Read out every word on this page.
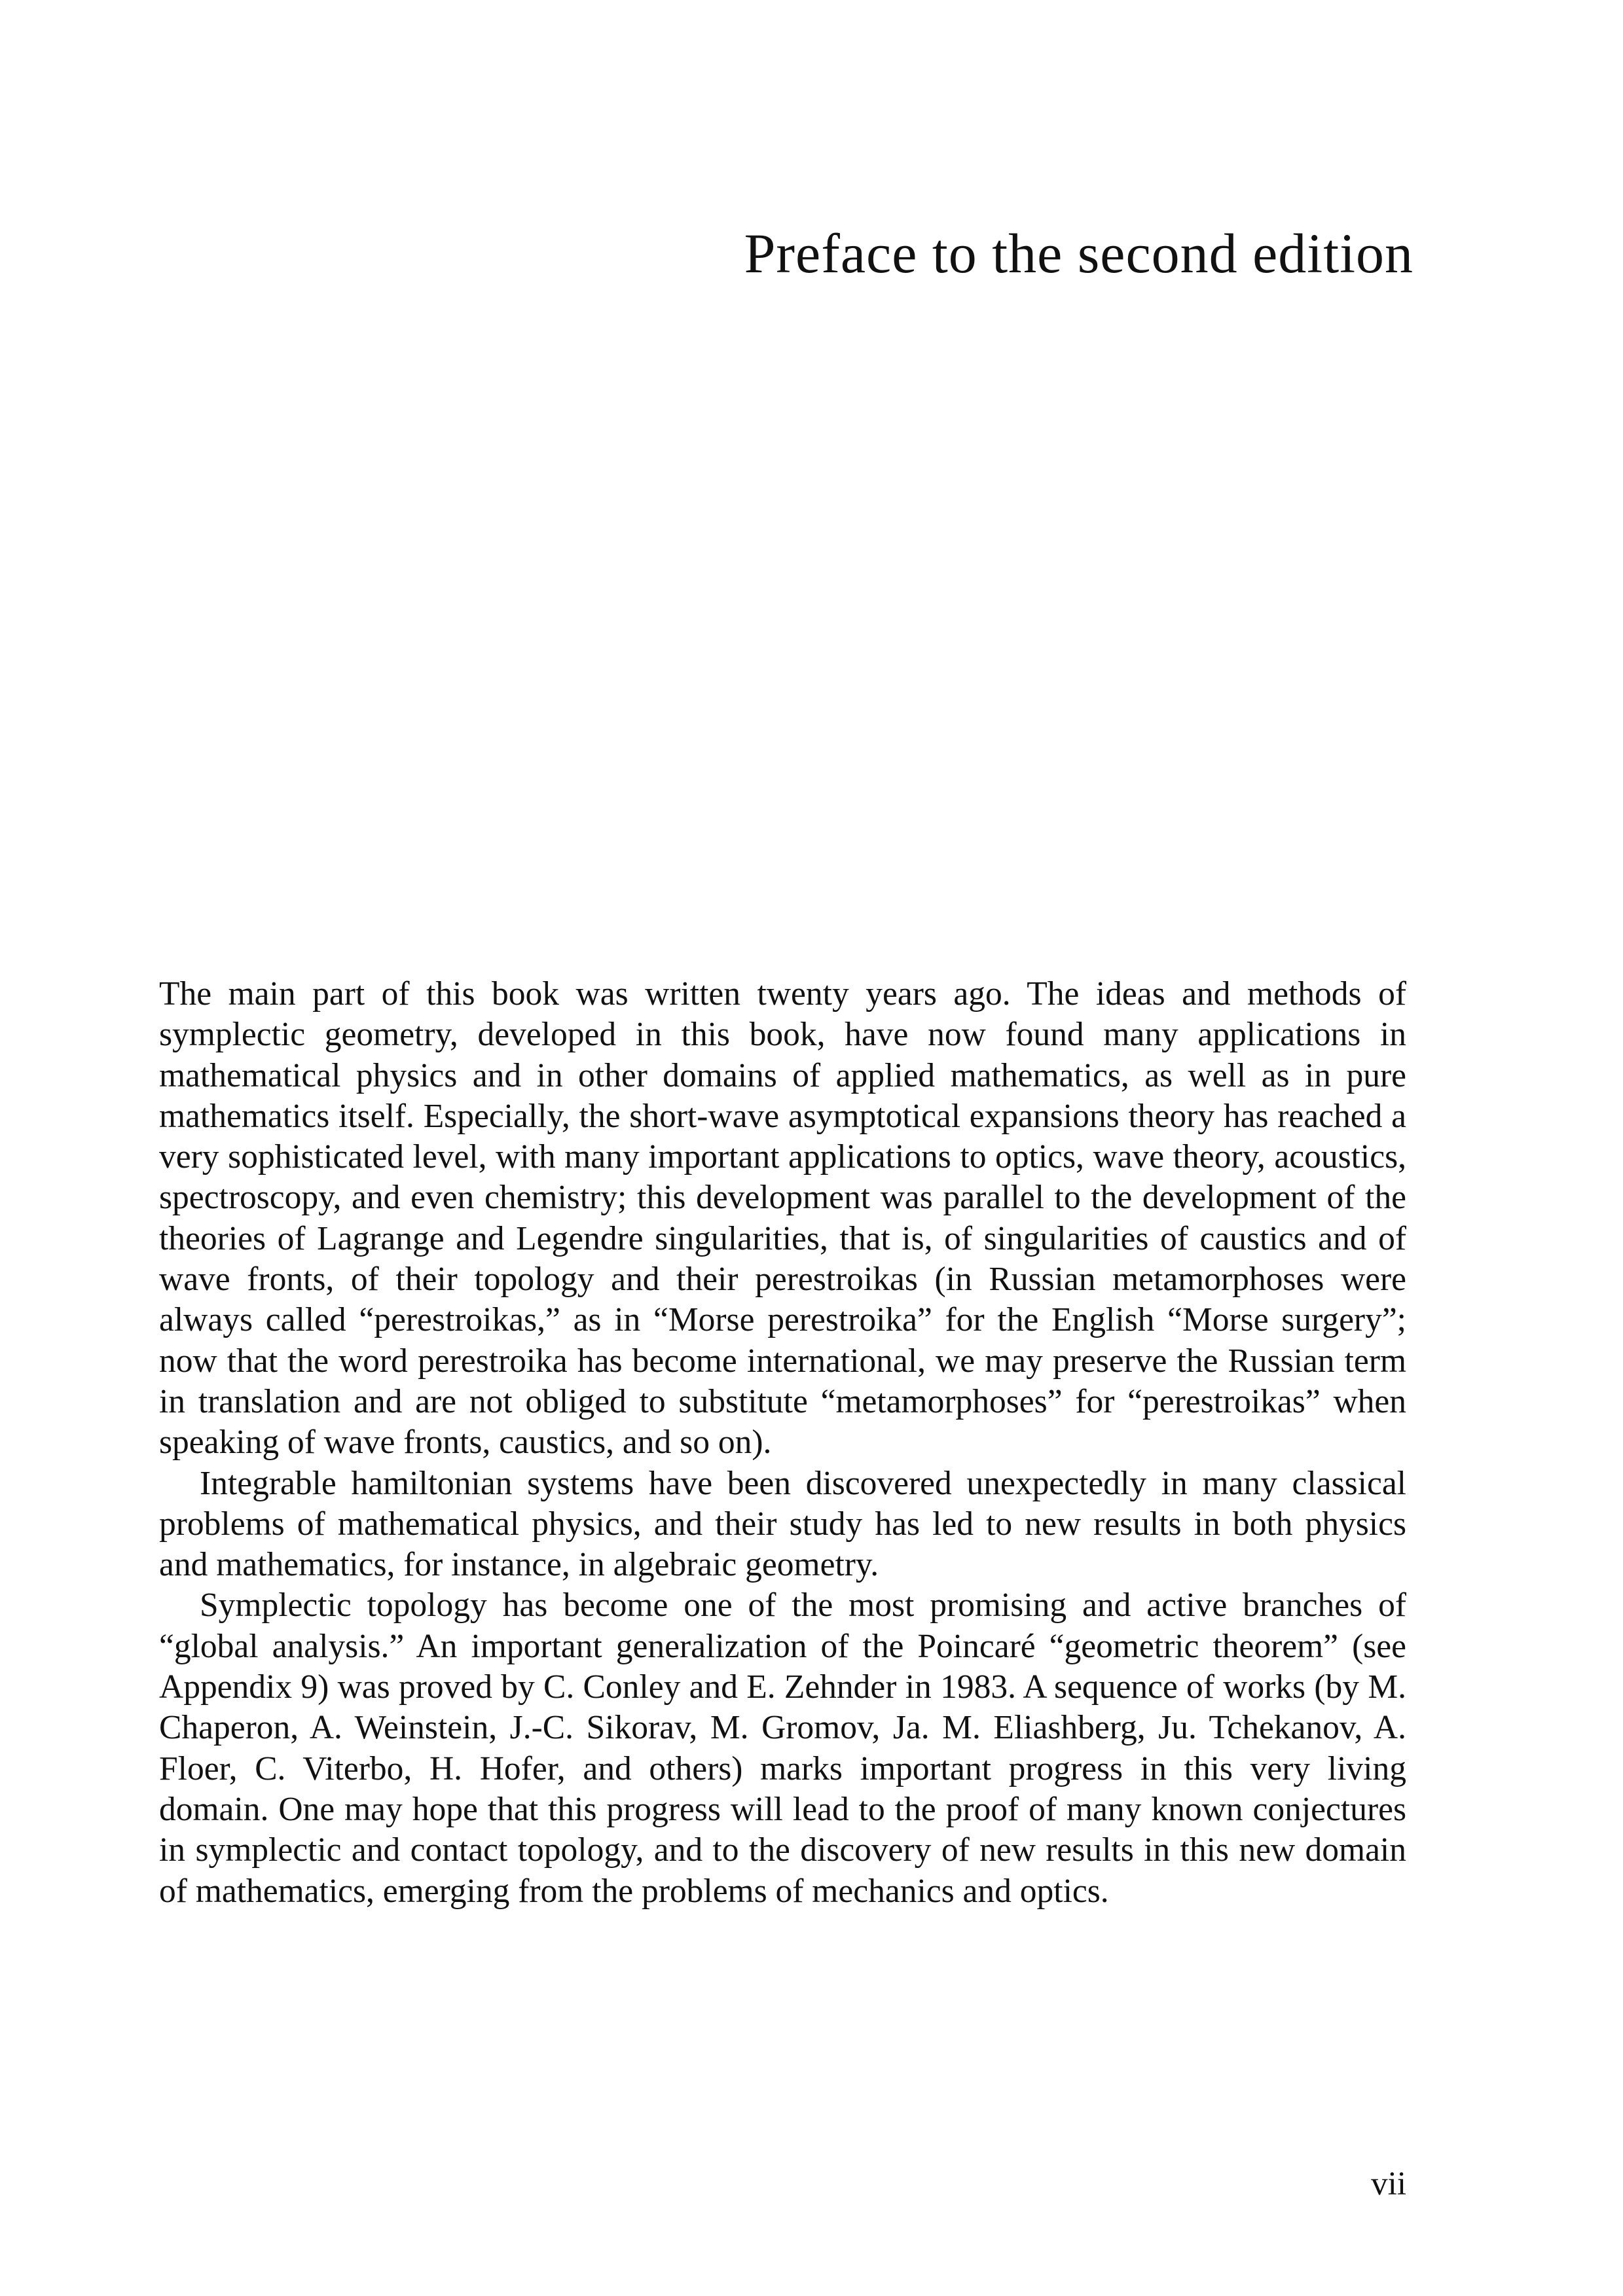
Preface to the second edition

The main part of this book was written twenty years ago. The ideas and methods of symplectic geometry, developed in this book, have now found many applications in mathematical physics and in other domains of applied mathematics, as well as in pure mathematics itself. Especially, the short-wave asymptotical expansions theory has reached a very sophisticated level, with many important applications to optics, wave theory, acoustics, spectroscopy, and even chemistry; this development was parallel to the development of the theories of Lagrange and Legendre singularities, that is, of singularities of caustics and of wave fronts, of their topology and their perestroikas (in Russian metamorphoses were always called “perestroikas,” as in “Morse perestroika” for the English “Morse surgery”; now that the word perestroika has become international, we may preserve the Russian term in translation and are not obliged to substitute “metamorphoses” for “perestroikas” when speaking of wave fronts, caustics, and so on).

Integrable hamiltonian systems have been discovered unexpectedly in many classical problems of mathematical physics, and their study has led to new results in both physics and mathematics, for instance, in algebraic geometry.

Symplectic topology has become one of the most promising and active branches of “global analysis.” An important generalization of the Poincaré “geometric theorem” (see Appendix 9) was proved by C. Conley and E. Zehnder in 1983. A sequence of works (by M. Chaperon, A. Weinstein, J.-C. Sikorav, M. Gromov, Ja. M. Eliashberg, Ju. Tchekanov, A. Floer, C. Viterbo, H. Hofer, and others) marks important progress in this very living domain. One may hope that this progress will lead to the proof of many known conjectures in symplectic and contact topology, and to the discovery of new results in this new domain of mathematics, emerging from the problems of mechanics and optics.

vii
